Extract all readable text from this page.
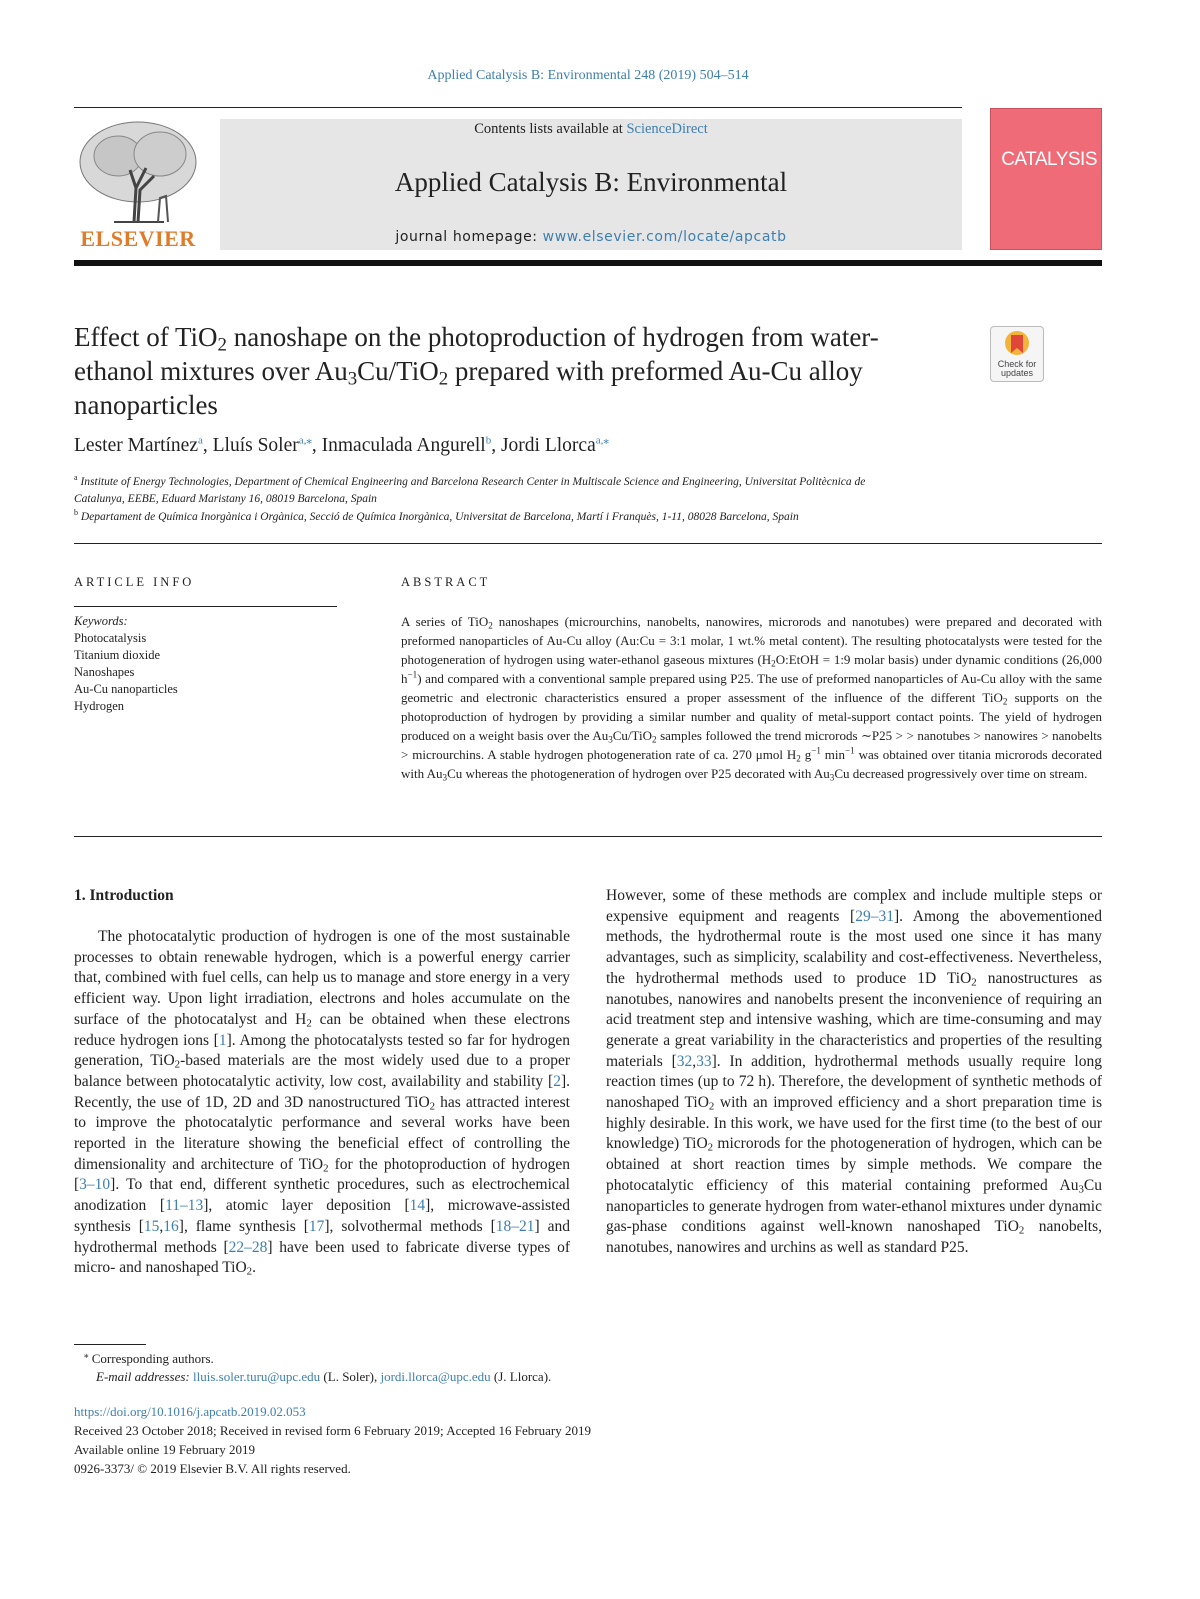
Applied Catalysis B: Environmental 248 (2019) 504–514
ELSEVIER
Contents lists available at ScienceDirect
Applied Catalysis B: Environmental
journal homepage: www.elsevier.com/locate/apcatb
CATALYSIS
Effect of TiO$_2$ nanoshape on the photoproduction of hydrogen from water-
ethanol mixtures over $Au_3Cu/TiO_2$ prepared with preformed Au-Cu alloy
nanoparticles
Check for updates
Lester Martínez$^a$, Lluís Soler$^{a,⁎}$, Inmaculada Angurell$^b$, Jordi Llorca$^{a,⁎}$
$^a$ Institute of Energy Technologies, Department of Chemical Engineering and Barcelona Research Center in Multiscale Science and Engineering, Universitat Politècnica de
Catalunya, EEBE, Eduard Maristany 16, 08019 Barcelona, Spain
$^b$ Departament de Química Inorgànica i Orgànica, Secció de Química Inorgànica, Universitat de Barcelona, Martí i Franquès, 1-11, 08028 Barcelona, Spain
ARTICLE INFO
Keywords:
Photocatalysis
Titanium dioxide
Nanoshapes
Au-Cu nanoparticles
Hydrogen
ABSTRACT
A series of TiO$_2$ nanoshapes (microurchins, nanobelts, nanowires, microrods and nanotubes) were prepared and decorated with preformed nanoparticles of Au-Cu alloy (Au:Cu = 3:1 molar, 1 wt.% metal content). The resulting photocatalysts were tested for the photogeneration of hydrogen using water-ethanol gaseous mixtures ($H_2O:EtOH$ = 1:9 molar basis) under dynamic conditions (26,000 $h^{-1}$) and compared with a conventional sample prepared using P25. The use of preformed nanoparticles of Au-Cu alloy with the same geometric and electronic characteristics ensured a proper assessment of the influence of the different TiO$_2$ supports on the photoproduction of hydrogen by providing a similar number and quality of metal-support contact points. The yield of hydrogen produced on a weight basis over the $Au_3Cu/TiO_2$ samples followed the trend microrods ∼P25 > > nanotubes > nanowires > nanobelts > microurchins. A stable hydrogen photogeneration rate of ca. 270 μmol $H_2$ $g^{-1}$ $\min^{-1}$ was obtained over titania microrods decorated with $Au_3Cu$ whereas the photogeneration of hydrogen over P25 decorated with $Au_3Cu$ decreased progressively over time on stream.
1. Introduction
The photocatalytic production of hydrogen is one of the most sustainable processes to obtain renewable hydrogen, which is a powerful energy carrier that, combined with fuel cells, can help us to manage and store energy in a very efficient way. Upon light irradiation, electrons and holes accumulate on the surface of the photocatalyst and $H_2$ can be obtained when these electrons reduce hydrogen ions [1]. Among the photocatalysts tested so far for hydrogen generation, TiO$_2$-based materials are the most widely used due to a proper balance between photocatalytic activity, low cost, availability and stability [2]. Recently, the use of 1D, 2D and 3D nanostructured TiO$_2$ has attracted interest to improve the photocatalytic performance and several works have been reported in the literature showing the beneficial effect of controlling the dimensionality and architecture of TiO$_2$ for the photoproduction of hydrogen [3–10]. To that end, different synthetic procedures, such as electrochemical anodization [11–13], atomic layer deposition [14], microwave-assisted synthesis [15,16], flame synthesis [17], solvothermal methods [18–21] and hydrothermal methods [22–28] have been used to fabricate diverse types of micro- and nanoshaped TiO$_2$.
However, some of these methods are complex and include multiple steps or expensive equipment and reagents [29–31]. Among the abovementioned methods, the hydrothermal route is the most used one since it has many advantages, such as simplicity, scalability and cost-effectiveness. Nevertheless, the hydrothermal methods used to produce 1D TiO$_2$ nanostructures as nanotubes, nanowires and nanobelts present the inconvenience of requiring an acid treatment step and intensive washing, which are time-consuming and may generate a great variability in the characteristics and properties of the resulting materials [32,33]. In addition, hydrothermal methods usually require long reaction times (up to 72 h). Therefore, the development of synthetic methods of nanoshaped TiO$_2$ with an improved efficiency and a short preparation time is highly desirable. In this work, we have used for the first time (to the best of our knowledge) TiO$_2$ microrods for the photogeneration of hydrogen, which can be obtained at short reaction times by simple methods. We compare the photocatalytic efficiency of this material containing preformed $Au_3Cu$ nanoparticles to generate hydrogen from water-ethanol mixtures under dynamic gas-phase conditions against well-known nanoshaped TiO$_2$ nanobelts, nanotubes, nanowires and urchins as well as standard P25.
⁎ Corresponding authors.
E-mail addresses: lluis.soler.turu@upc.edu (L. Soler), jordi.llorca@upc.edu (J. Llorca).
https://doi.org/10.1016/j.apcatb.2019.02.053
Received 23 October 2018; Received in revised form 6 February 2019; Accepted 16 February 2019
Available online 19 February 2019
0926-3373/ © 2019 Elsevier B.V. All rights reserved.
